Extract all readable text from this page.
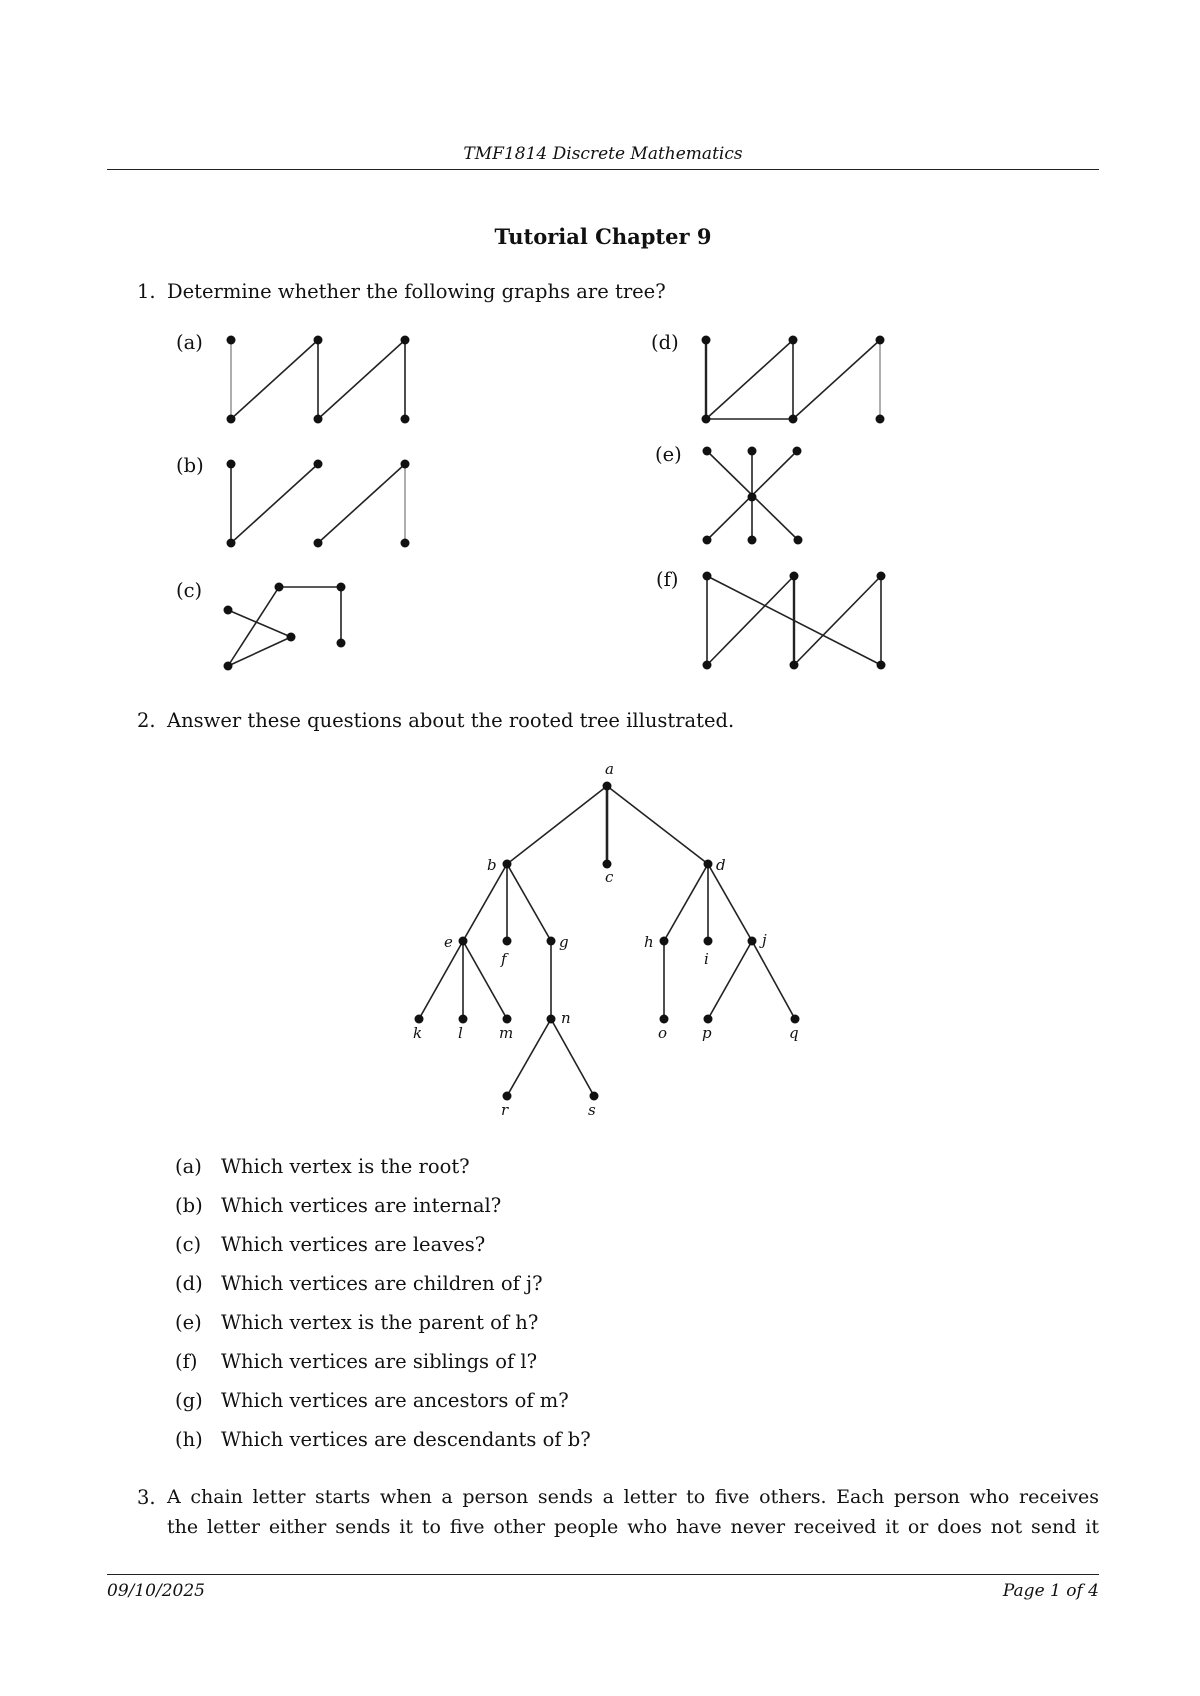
TMF1814 Discrete Mathematics
Tutorial Chapter 9
1. Determine whether the following graphs are tree?
(a)
(b)
(c)
(d)
(e)
(f)
a
b
c
d
e
f
g	h
i
j
k l m
n
o p	q
r	s
2. Answer these questions about the rooted tree illustrated.
(a) Which vertex is the root?
(b) Which vertices are internal?
(c) Which vertices are leaves?
(d) Which vertices are children of j?
(e) Which vertex is the parent of h?
(f) Which vertices are siblings of l?
(g) Which vertices are ancestors of m?
(h) Which vertices are descendants of b?
3. A chain letter starts when a person sends a letter to five others. Each person who receives
the letter either sends it to five other people who have never received it or does not send it
09/10/2025	Page 1 of 4
